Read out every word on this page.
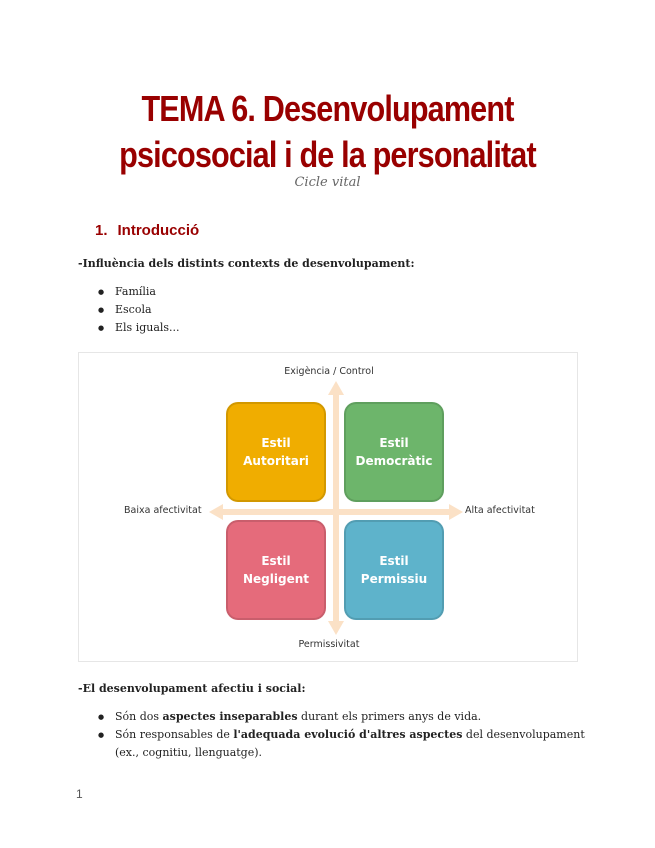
TEMA 6. Desenvolupament
psicosocial i de la personalitat
Cicle vital
1. Introducció
-Influència dels distints contexts de desenvolupament:
● Família
● Escola
● Els iguals...
Exigència / Control
Permissivitat
Baixa afectivitat	Alta afectivitat
Estil
Autoritari
Estil
Democràtic
Estil
Negligent
Estil
Permissiu
-El desenvolupament afectiu i social:
● Són dos aspectes inseparables durant els primers anys de vida.
● Són responsables de l'adequada evolució d'altres aspectes del desenvolupament (ex., cognitiu, llenguatge).
1
